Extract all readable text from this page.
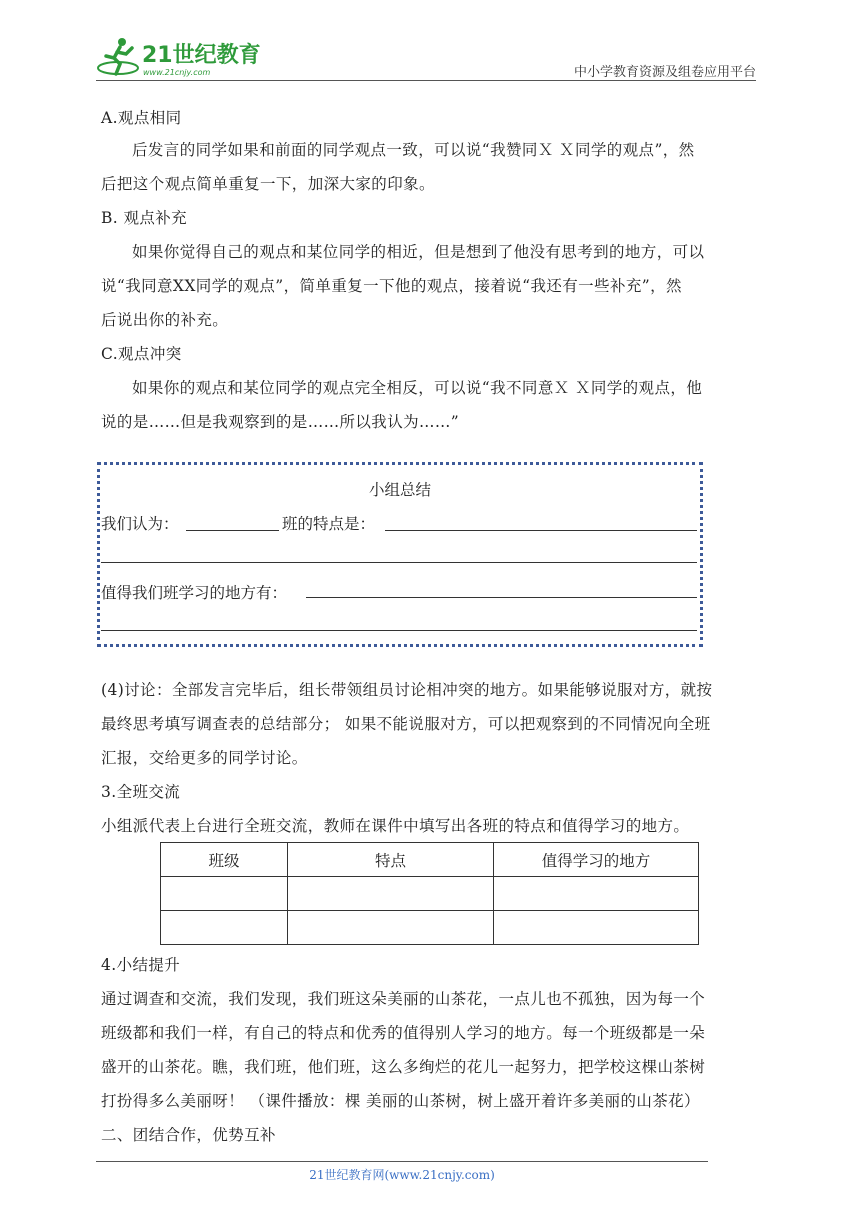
21世纪教育
www.21cnjy.com	中小学教育资源及组卷应用平台
A.观点相同
后发言的同学如果和前面的同学观点一致，可以说“我赞同Ｘ Ｘ同学的观点”，然
后把这个观点简单重复一下，加深大家的印象。
B. 观点补充
如果你觉得自己的观点和某位同学的相近，但是想到了他没有思考到的地方，可以
说“我同意XX同学的观点”，简单重复一下他的观点，接着说“我还有一些补充”，然
后说出你的补充。
C.观点冲突
如果你的观点和某位同学的观点完全相反，可以说“我不同意Ｘ Ｘ同学的观点，他
说的是……但是我观察到的是……所以我认为……”
小组总结
我们认为：	班的特点是：
值得我们班学习的地方有：
(4)讨论：全部发言完毕后，组长带领组员讨论相冲突的地方。如果能够说服对方，就按
最终思考填写调查表的总结部分； 如果不能说服对方，可以把观察到的不同情况向全班
汇报，交给更多的同学讨论。
3.全班交流
小组派代表上台进行全班交流，教师在课件中填写出各班的特点和值得学习的地方。
班级	特点	值得学习的地方

4.小结提升
通过调查和交流，我们发现，我们班这朵美丽的山茶花，一点儿也不孤独，因为每一个
班级都和我们一样，有自己的特点和优秀的值得别人学习的地方。每一个班级都是一朵
盛开的山茶花。瞧，我们班，他们班，这么多绚烂的花儿一起努力，把学校这棵山茶树
打扮得多么美丽呀！ （课件播放：棵 美丽的山茶树，树上盛开着许多美丽的山茶花）
二、团结合作，优势互补
21世纪教育网(www.21cnjy.com)
